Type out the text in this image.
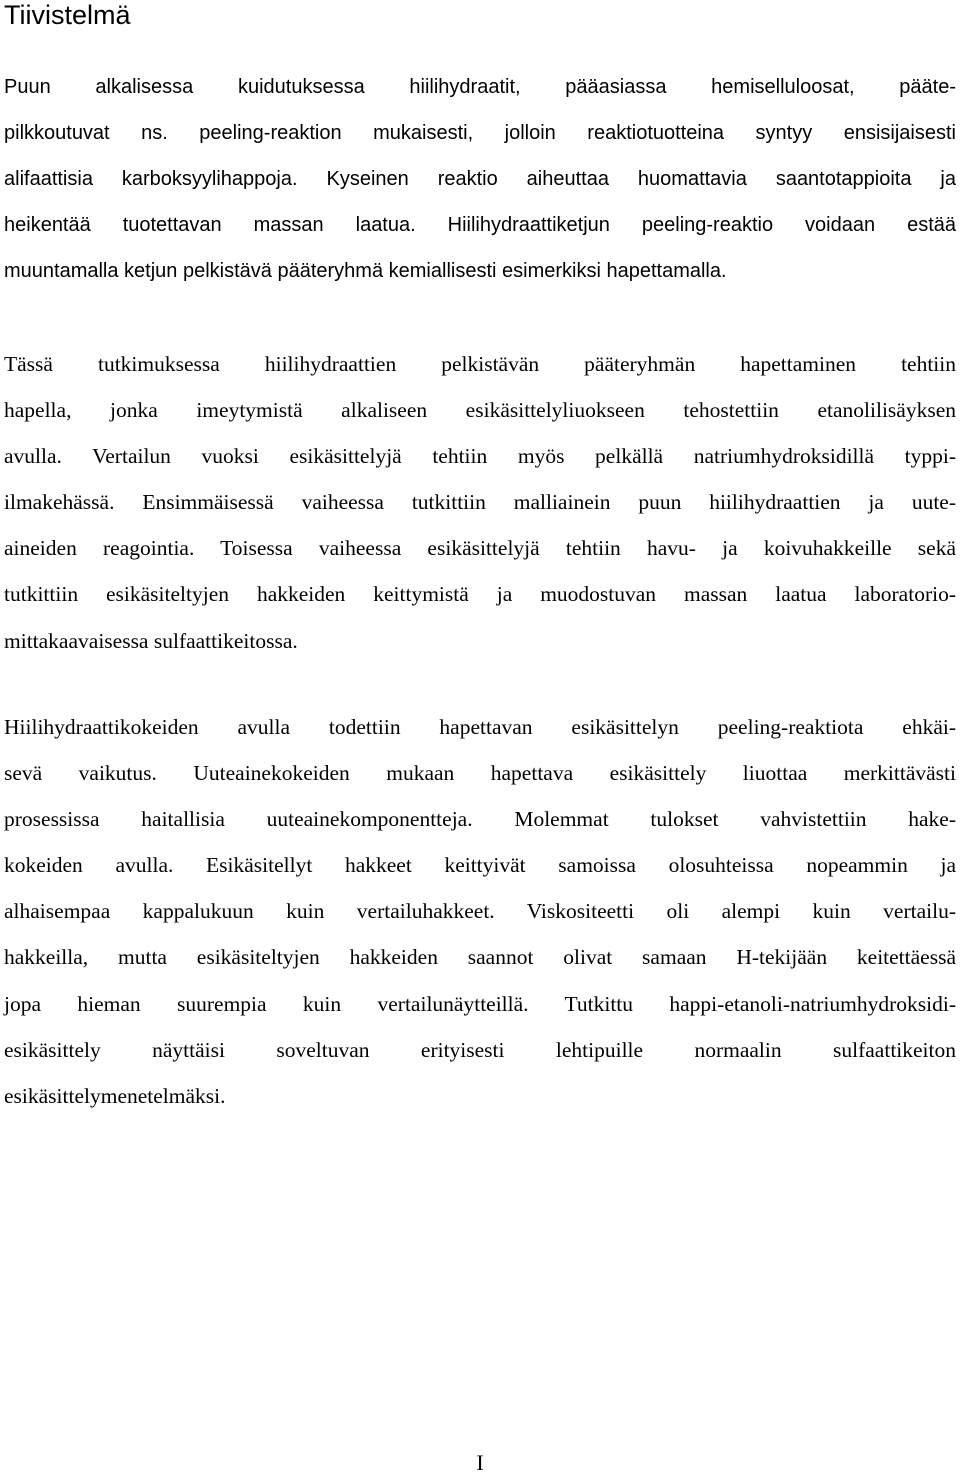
Tiivistelmä

Puun alkalisessa kuidutuksessa hiilihydraatit, pääasiassa hemiselluloosat, pääte-
pilkkoutuvat ns. peeling-reaktion mukaisesti, jolloin reaktiotuotteina syntyy ensisijaisesti
alifaattisia karboksyylihappoja. Kyseinen reaktio aiheuttaa huomattavia saantotappioita ja
heikentää tuotettavan massan laatua. Hiilihydraattiketjun peeling-reaktio voidaan estää
muuntamalla ketjun pelkistävä pääteryhmä kemiallisesti esimerkiksi hapettamalla.

Tässä tutkimuksessa hiilihydraattien pelkistävän pääteryhmän hapettaminen tehtiin
hapella, jonka imeytymistä alkaliseen esikäsittelyliuokseen tehostettiin etanolilisäyksen
avulla. Vertailun vuoksi esikäsittelyjä tehtiin myös pelkällä natriumhydroksidillä typpi-
ilmakehässä. Ensimmäisessä vaiheessa tutkittiin malliainein puun hiilihydraattien ja uute-
aineiden reagointia. Toisessa vaiheessa esikäsittelyjä tehtiin havu- ja koivuhakkeille sekä
tutkittiin esikäsiteltyjen hakkeiden keittymistä ja muodostuvan massan laatua laboratorio-
mittakaavaisessa sulfaattikeitossa.

Hiilihydraattikokeiden avulla todettiin hapettavan esikäsittelyn peeling-reaktiota ehkäi-
sevä vaikutus. Uuteainekokeiden mukaan hapettava esikäsittely liuottaa merkittävästi
prosessissa haitallisia uuteainekomponentteja. Molemmat tulokset vahvistettiin hake-
kokeiden avulla. Esikäsitellyt hakkeet keittyivät samoissa olosuhteissa nopeammin ja
alhaisempaa kappalukuun kuin vertailuhakkeet. Viskositeetti oli alempi kuin vertailu-
hakkeilla, mutta esikäsiteltyjen hakkeiden saannot olivat samaan H-tekijään keitettäessä
jopa hieman suurempia kuin vertailunäytteillä. Tutkittu happi-etanoli-natriumhydroksidi-
esikäsittely näyttäisi soveltuvan erityisesti lehtipuille normaalin sulfaattikeiton
esikäsittelymenetelmäksi.

I
